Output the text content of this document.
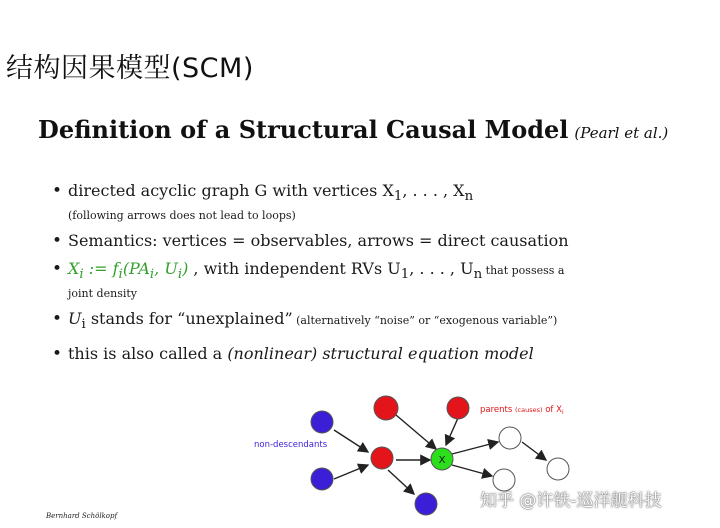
结构因果模型(SCM)
Definition of a Structural Causal Model (Pearl et al.)
• directed acyclic graph G with vertices $X_1$, . . . , $X_n$
(following arrows does not lead to loops)
• Semantics: vertices = observables, arrows = direct causation
• $X_i$ := $f_i(PA_i$, $U_i$) , with independent RVs $U_1$, . . . , $U_n$ that possess a
joint density
• $U_i$ stands for “unexplained” (alternatively “noise” or “exogenous variable”)
• this is also called a (nonlinear) structural equation model
X
non-descendants
parents (causes) of $X_i$
Bernhard Schölkopf
知乎 @许铁-巡洋舰科技
